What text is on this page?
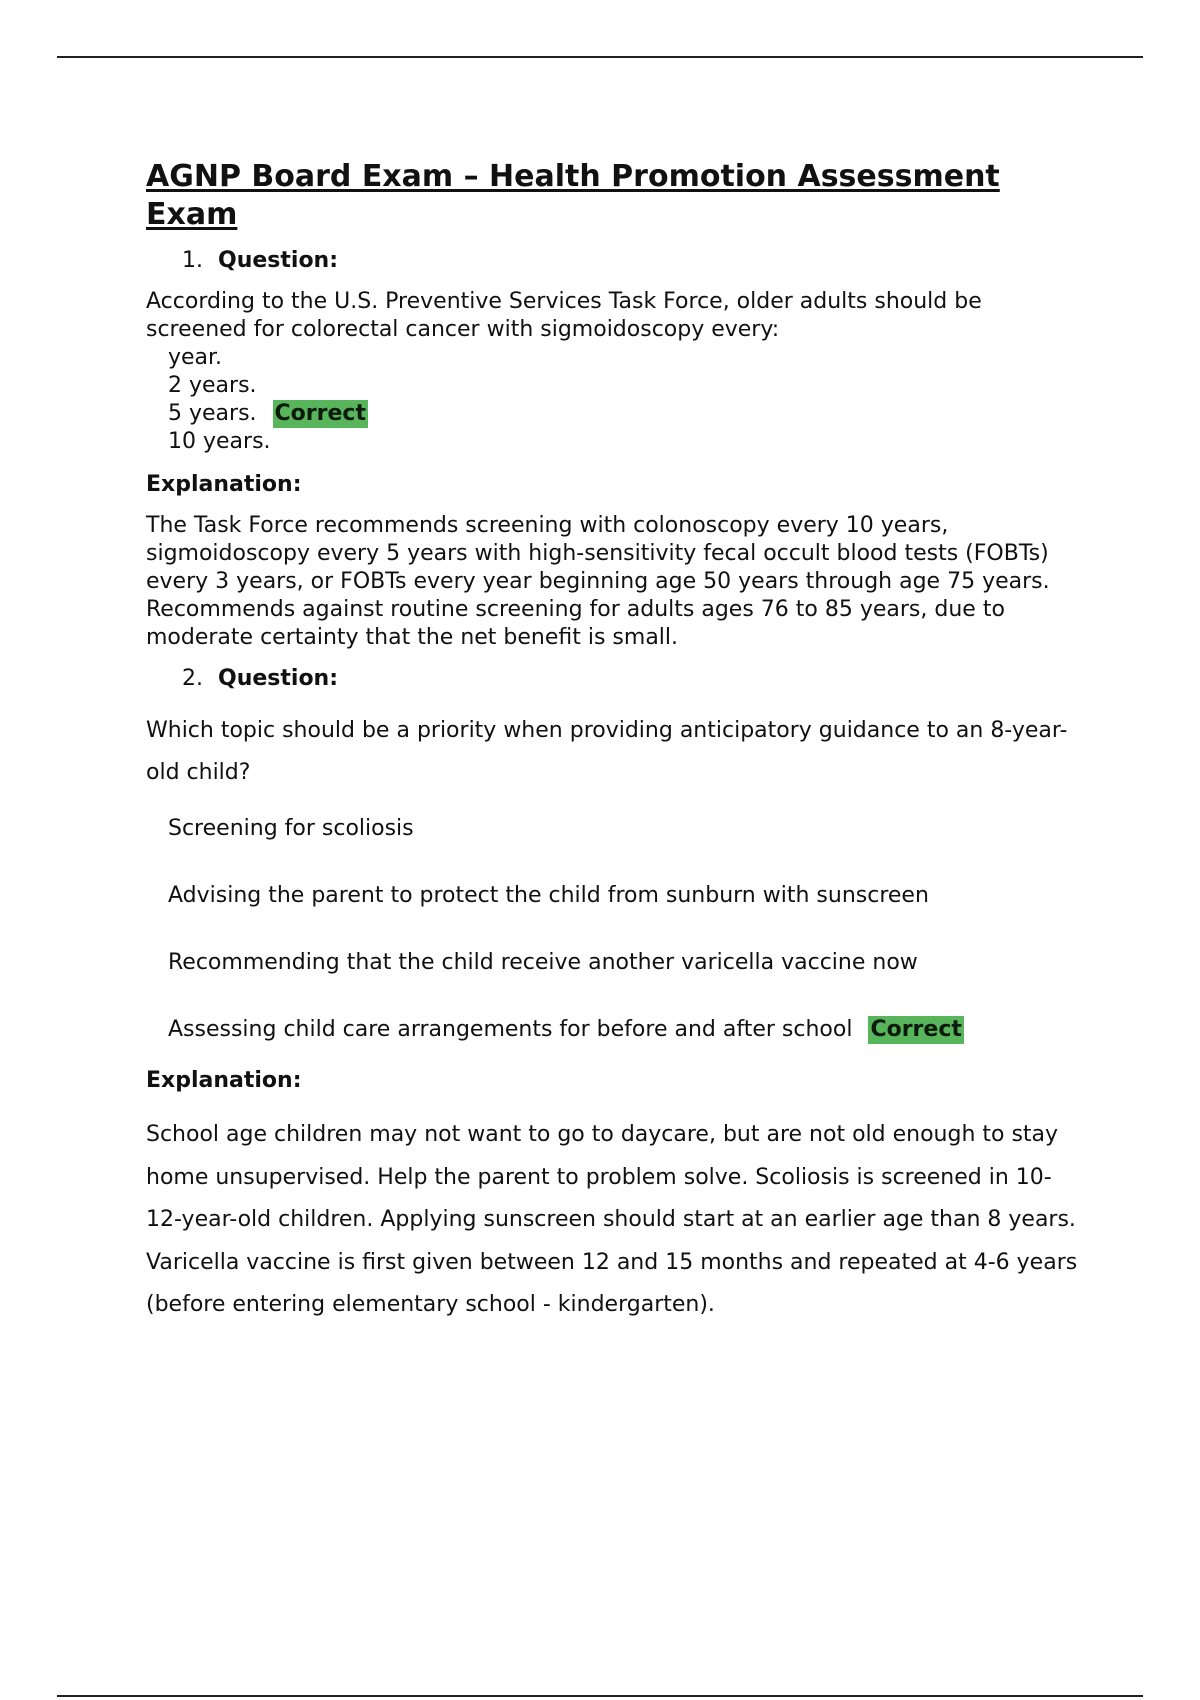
AGNP Board Exam – Health Promotion Assessment Exam
1. Question:
According to the U.S. Preventive Services Task Force, older adults should be screened for colorectal cancer with sigmoidoscopy every:
year.
2 years.
5 years. Correct
10 years.
Explanation:
The Task Force recommends screening with colonoscopy every 10 years, sigmoidoscopy every 5 years with high-sensitivity fecal occult blood tests (FOBTs) every 3 years, or FOBTs every year beginning age 50 years through age 75 years. Recommends against routine screening for adults ages 76 to 85 years, due to moderate certainty that the net benefit is small.
2. Question:
Which topic should be a priority when providing anticipatory guidance to an 8-year-old child?
Screening for scoliosis
Advising the parent to protect the child from sunburn with sunscreen
Recommending that the child receive another varicella vaccine now
Assessing child care arrangements for before and after school Correct
Explanation:
School age children may not want to go to daycare, but are not old enough to stay home unsupervised. Help the parent to problem solve. Scoliosis is screened in 10-12-year-old children. Applying sunscreen should start at an earlier age than 8 years. Varicella vaccine is first given between 12 and 15 months and repeated at 4-6 years (before entering elementary school - kindergarten).
